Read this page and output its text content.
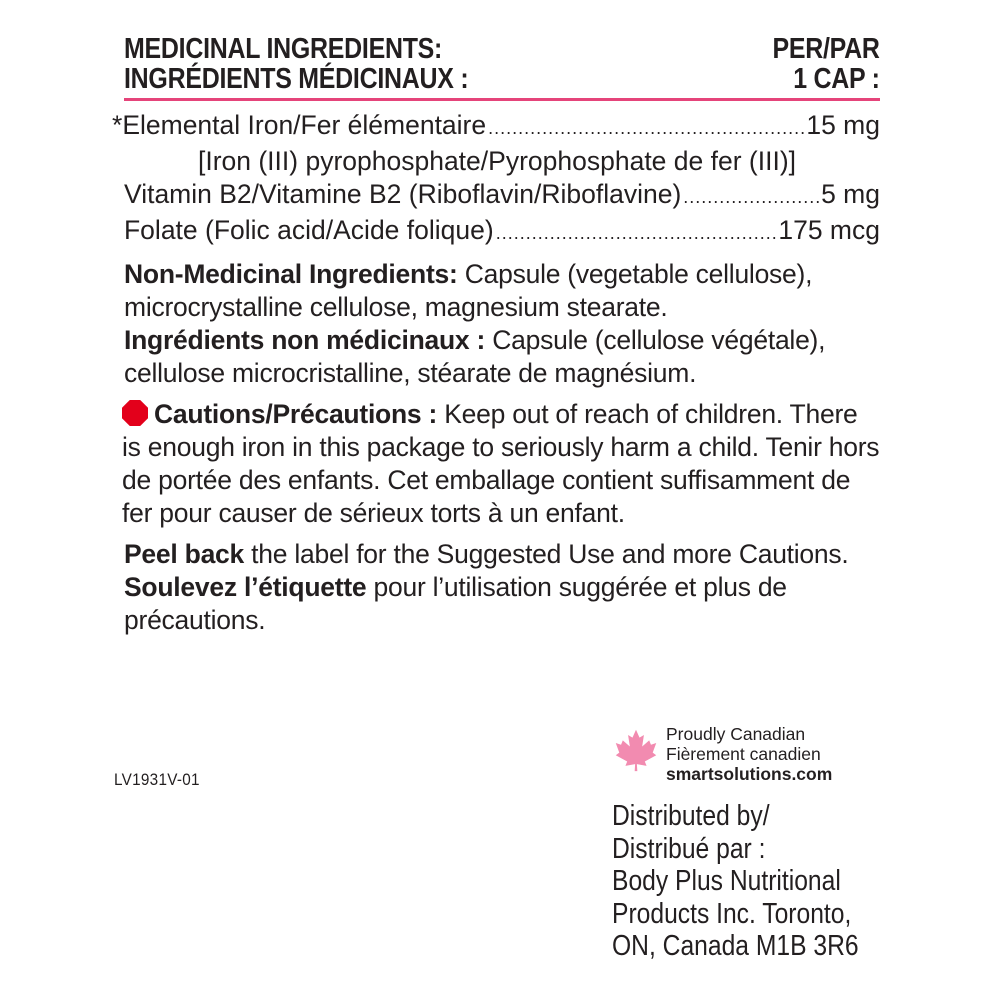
MEDICINAL INGREDIENTS:
INGRÉDIENTS MÉDICINAUX :
PER/PAR
1 CAP :
*Elemental Iron/Fer élémentaire .....	15 mg
[Iron (III) pyrophosphate/Pyrophosphate de fer (III)]
Vitamin B2/Vitamine B2 (Riboflavin/Riboflavine) .....	5 mg
Folate (Folic acid/Acide folique) .....	175 mcg
Non-Medicinal Ingredients: Capsule (vegetable cellulose), microcrystalline cellulose, magnesium stearate.
Ingrédients non médicinaux : Capsule (cellulose végétale), cellulose microcristalline, stéarate de magnésium.
Cautions/Précautions : Keep out of reach of children. There is enough iron in this package to seriously harm a child. Tenir hors de portée des enfants. Cet emballage contient suffisamment de fer pour causer de sérieux torts à un enfant.
Peel back the label for the Suggested Use and more Cautions. Soulevez l’étiquette pour l’utilisation suggérée et plus de précautions.
LV1931V-01
Proudly Canadian
Fièrement canadien
smartsolutions.com
Distributed by/
Distribué par :
Body Plus Nutritional
Products Inc. Toronto,
ON, Canada M1B 3R6
